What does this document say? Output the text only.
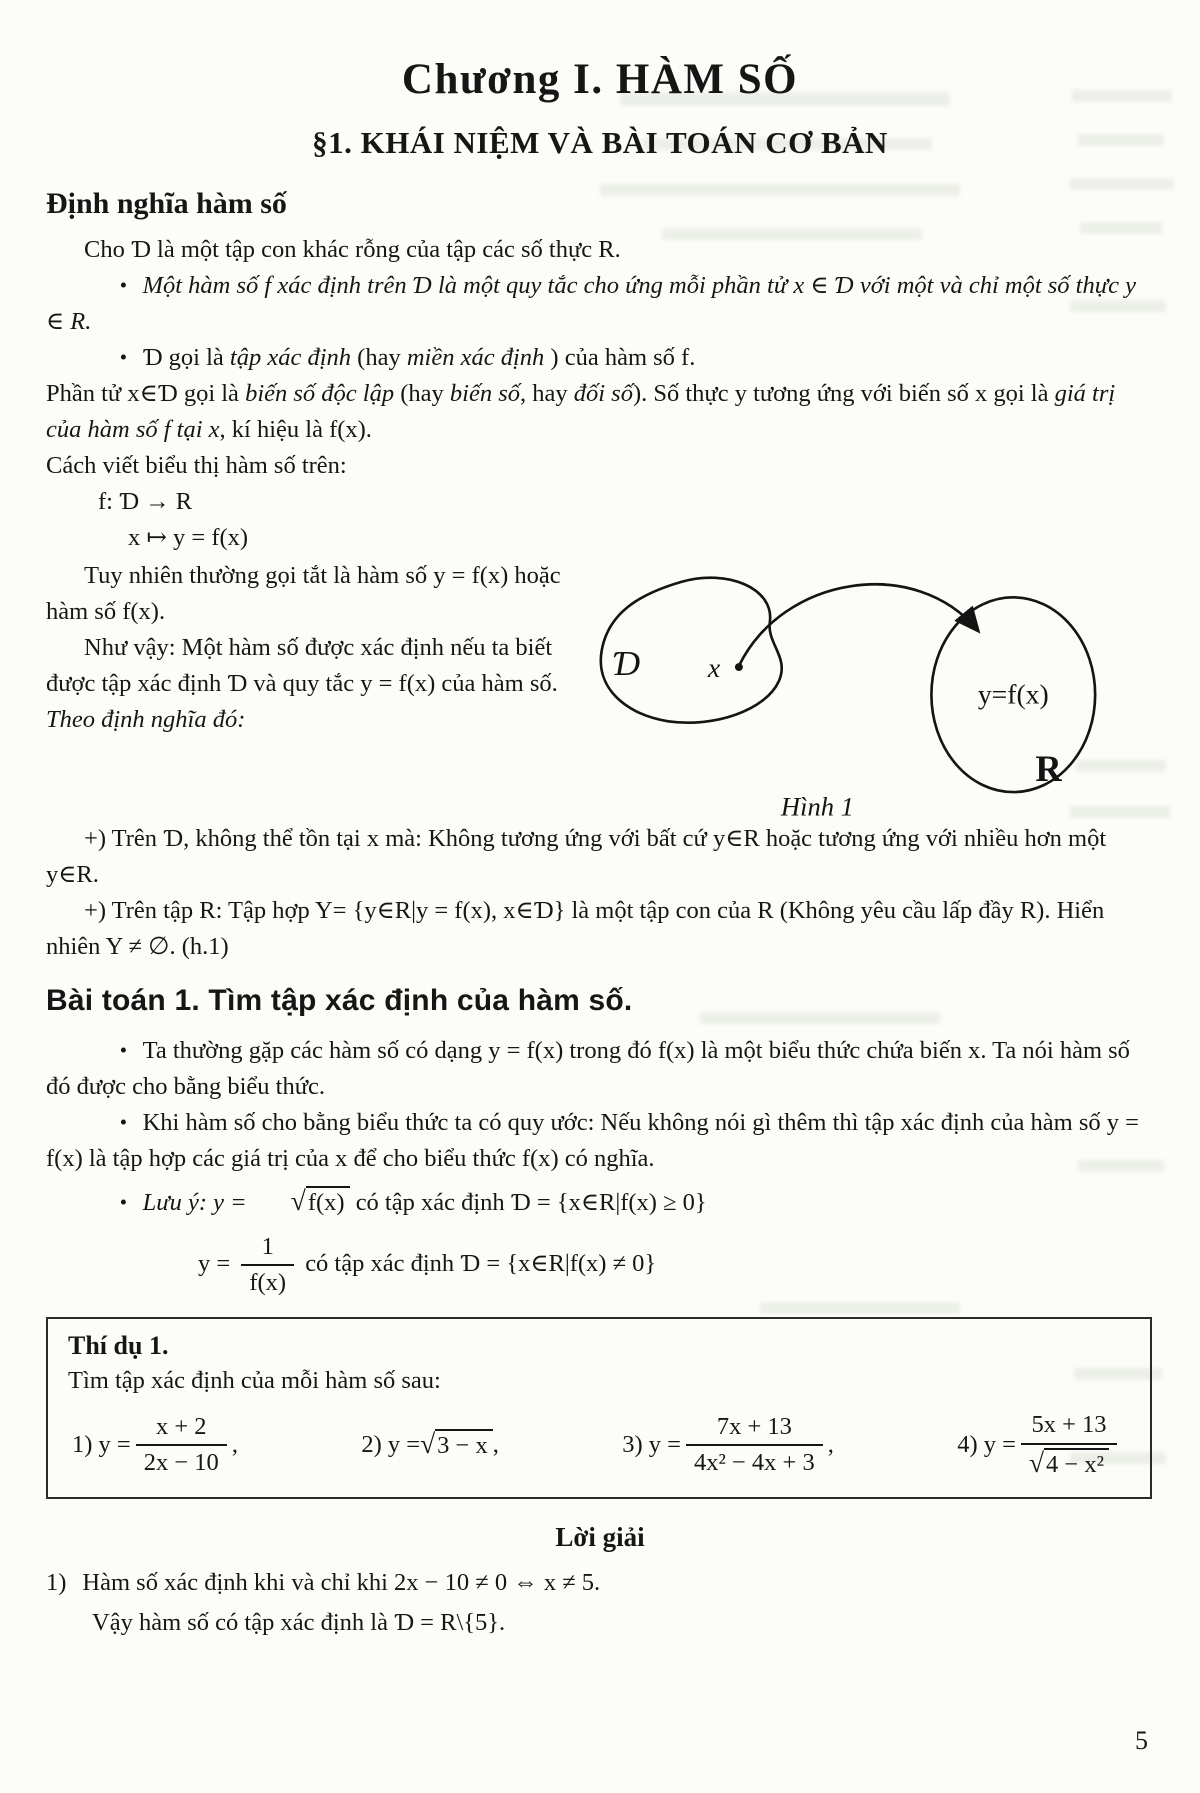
Chương I. HÀM SỐ
§1. KHÁI NIỆM VÀ BÀI TOÁN CƠ BẢN
Định nghĩa hàm số

Cho Ɗ là một tập con khác rỗng của tập các số thực R.

• Một hàm số f xác định trên Ɗ là một quy tắc cho ứng mỗi phần tử x ∈ Ɗ với một và chỉ một số thực y ∈ R.

• Ɗ gọi là tập xác định (hay miền xác định ) của hàm số f.

Phần tử x∈Ɗ gọi là biến số độc lập (hay biến số, hay đối số). Số thực y tương ứng với biến số x gọi là giá trị của hàm số f tại x, kí hiệu là f(x).

Cách viết biểu thị hàm số trên:

f: Ɗ → R

x ↦ y = f(x)

Tuy nhiên thường gọi tắt là hàm số y = f(x) hoặc hàm số f(x).

Như vậy: Một hàm số được xác định nếu ta biết được tập xác định Ɗ và quy tắc y = f(x) của hàm số.

Theo định nghĩa đó:

Ɗ	x
y=f(x)
R
Hình 1

+) Trên Ɗ, không thể tồn tại x mà: Không tương ứng với bất cứ y∈R hoặc tương ứng với nhiều hơn một y∈R.

+) Trên tập R: Tập hợp Y= {y∈R|y = f(x), x∈Ɗ} là một tập con của R (Không yêu cầu lấp đầy R). Hiển nhiên Y ≠ ∅. (h.1)

Bài toán 1. Tìm tập xác định của hàm số.

• Ta thường gặp các hàm số có dạng y = f(x) trong đó f(x) là một biểu thức chứa biến x. Ta nói hàm số đó được cho bằng biểu thức.

• Khi hàm số cho bằng biểu thức ta có quy ước: Nếu không nói gì thêm thì tập xác định của hàm số y = f(x) là tập hợp các giá trị của x để cho biểu thức f(x) có nghĩa.

• Lưu ý: y = √f(x) có tập xác định Ɗ = {x∈R|f(x) ≥ 0}

$y = \frac{1}{f(x)}$ có tập xác định Ɗ = {x∈R|f(x) ≠ 0}

Thí dụ 1.

Tìm tập xác định của mỗi hàm số sau:

1) $y = \frac{x + 2}{2x - 10}$ ,	2) y = √3 − x ,	3) $y = \frac{7x + 13}{\text{4x² − 4x + 3}}$ ,	4) $y = \frac{5x + 13}{\text{√4 − x²}}$

Lời giải

1) Hàm số xác định khi và chỉ khi 2x − 10 ≠ 0 ⇔ x ≠ 5.

Vậy hàm số có tập xác định là Ɗ = R\{5}.

5
